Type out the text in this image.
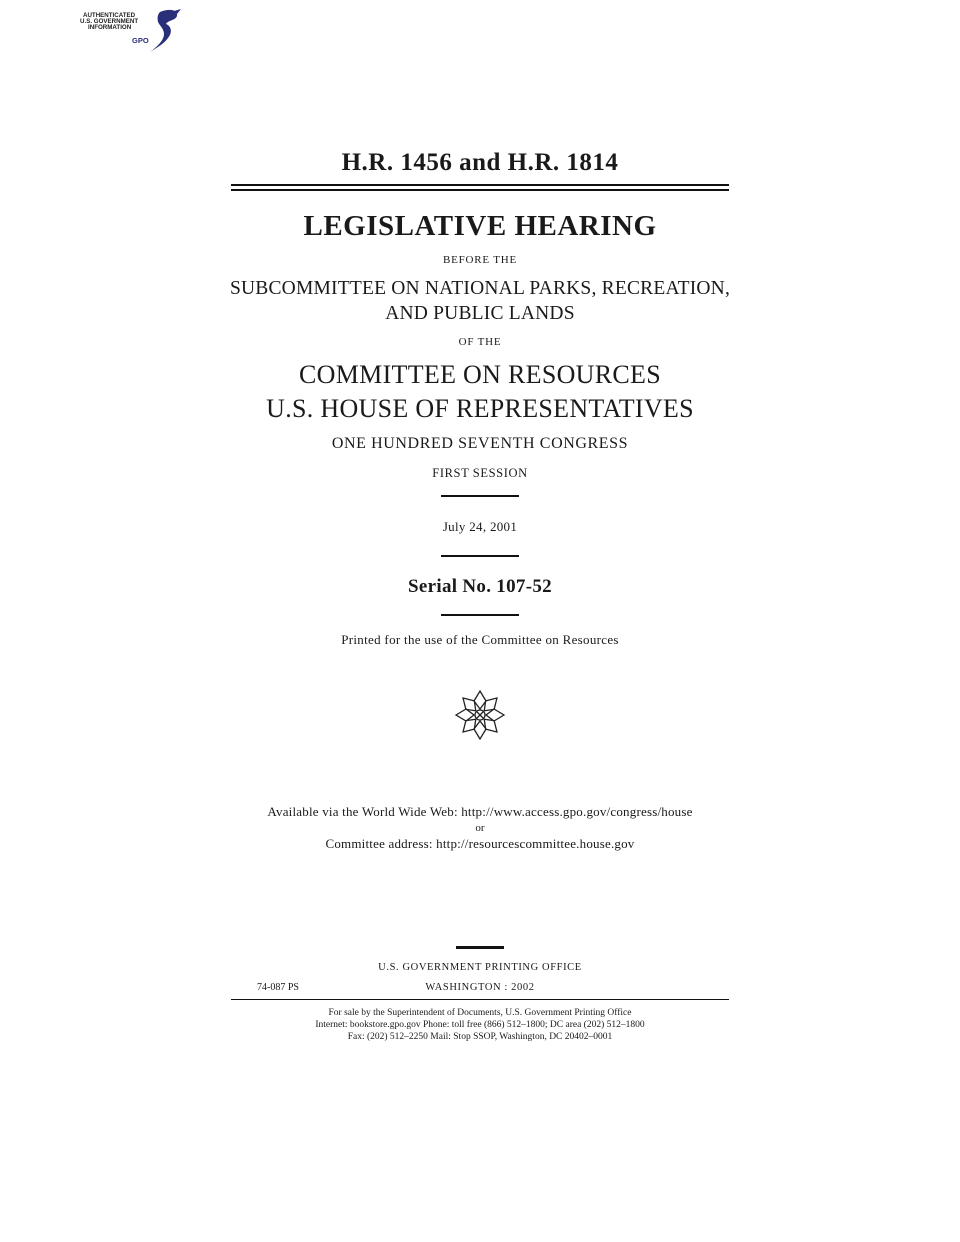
AUTHENTICATED
U.S. GOVERNMENT
INFORMATION
GPO
H.R. 1456 and H.R. 1814
LEGISLATIVE HEARING
BEFORE THE
SUBCOMMITTEE ON NATIONAL PARKS, RECREATION,
AND PUBLIC LANDS
OF THE
COMMITTEE ON RESOURCES
U.S. HOUSE OF REPRESENTATIVES
ONE HUNDRED SEVENTH CONGRESS
FIRST SESSION
July 24, 2001
Serial No. 107-52
Printed for the use of the Committee on Resources
Available via the World Wide Web: http://www.access.gpo.gov/congress/house
or
Committee address: http://resourcescommittee.house.gov
U.S. GOVERNMENT PRINTING OFFICE
74-087 PS	WASHINGTON : 2002
For sale by the Superintendent of Documents, U.S. Government Printing Office
Internet: bookstore.gpo.gov Phone: toll free (866) 512–1800; DC area (202) 512–1800
Fax: (202) 512–2250 Mail: Stop SSOP, Washington, DC 20402–0001
